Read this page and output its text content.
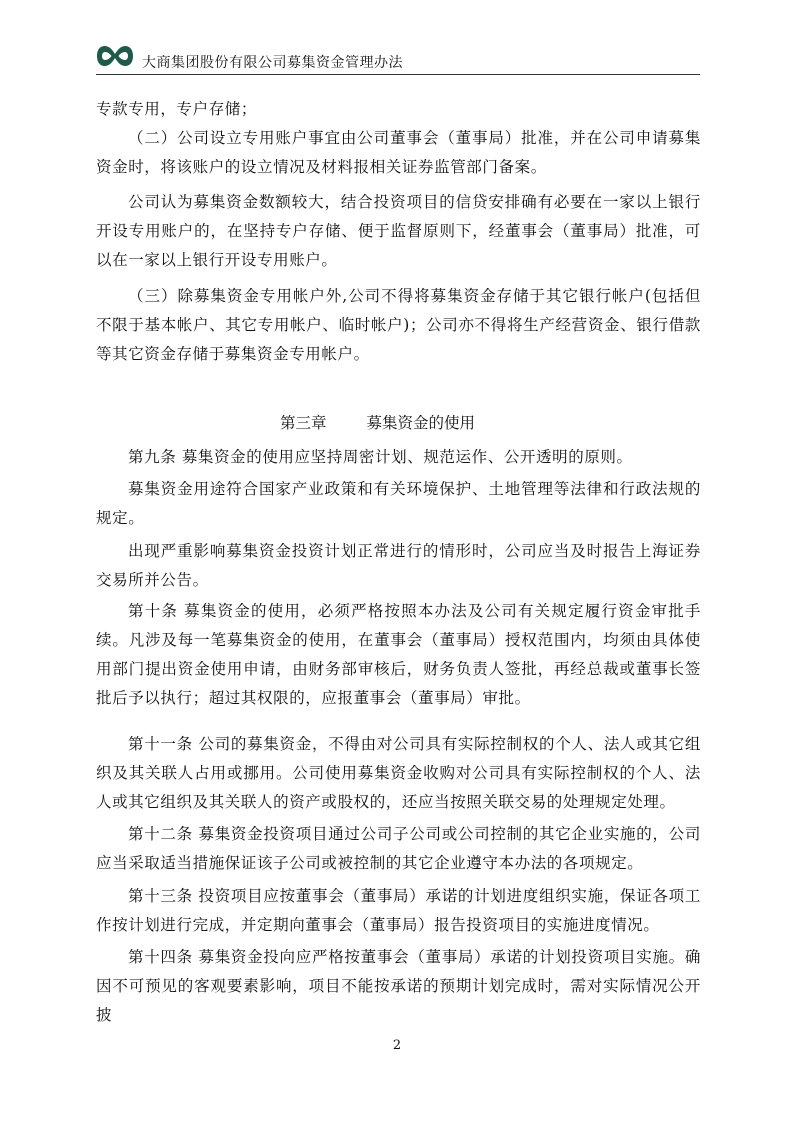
大商集团股份有限公司募集资金管理办法

专款专用，专户存储；

（二）公司设立专用账户事宜由公司董事会（董事局）批准，并在公司申请募集资金时，将该账户的设立情况及材料报相关证券监管部门备案。

公司认为募集资金数额较大，结合投资项目的信贷安排确有必要在一家以上银行开设专用账户的，在坚持专户存储、便于监督原则下，经董事会（董事局）批准，可以在一家以上银行开设专用账户。

（三）除募集资金专用帐户外,公司不得将募集资金存储于其它银行帐户(包括但不限于基本帐户、其它专用帐户、临时帐户)；公司亦不得将生产经营资金、银行借款等其它资金存储于募集资金专用帐户。

第三章	募集资金的使用

第九条 募集资金的使用应坚持周密计划、规范运作、公开透明的原则。

募集资金用途符合国家产业政策和有关环境保护、土地管理等法律和行政法规的规定。

出现严重影响募集资金投资计划正常进行的情形时，公司应当及时报告上海证券交易所并公告。

第十条 募集资金的使用，必须严格按照本办法及公司有关规定履行资金审批手续。凡涉及每一笔募集资金的使用，在董事会（董事局）授权范围内，均须由具体使用部门提出资金使用申请，由财务部审核后，财务负责人签批，再经总裁或董事长签批后予以执行；超过其权限的，应报董事会（董事局）审批。

第十一条 公司的募集资金，不得由对公司具有实际控制权的个人、法人或其它组织及其关联人占用或挪用。公司使用募集资金收购对公司具有实际控制权的个人、法人或其它组织及其关联人的资产或股权的，还应当按照关联交易的处理规定处理。

第十二条 募集资金投资项目通过公司子公司或公司控制的其它企业实施的，公司应当采取适当措施保证该子公司或被控制的其它企业遵守本办法的各项规定。

第十三条 投资项目应按董事会（董事局）承诺的计划进度组织实施，保证各项工作按计划进行完成，并定期向董事会（董事局）报告投资项目的实施进度情况。

第十四条 募集资金投向应严格按董事会（董事局）承诺的计划投资项目实施。确因不可预见的客观要素影响，项目不能按承诺的预期计划完成时，需对实际情况公开披

2
